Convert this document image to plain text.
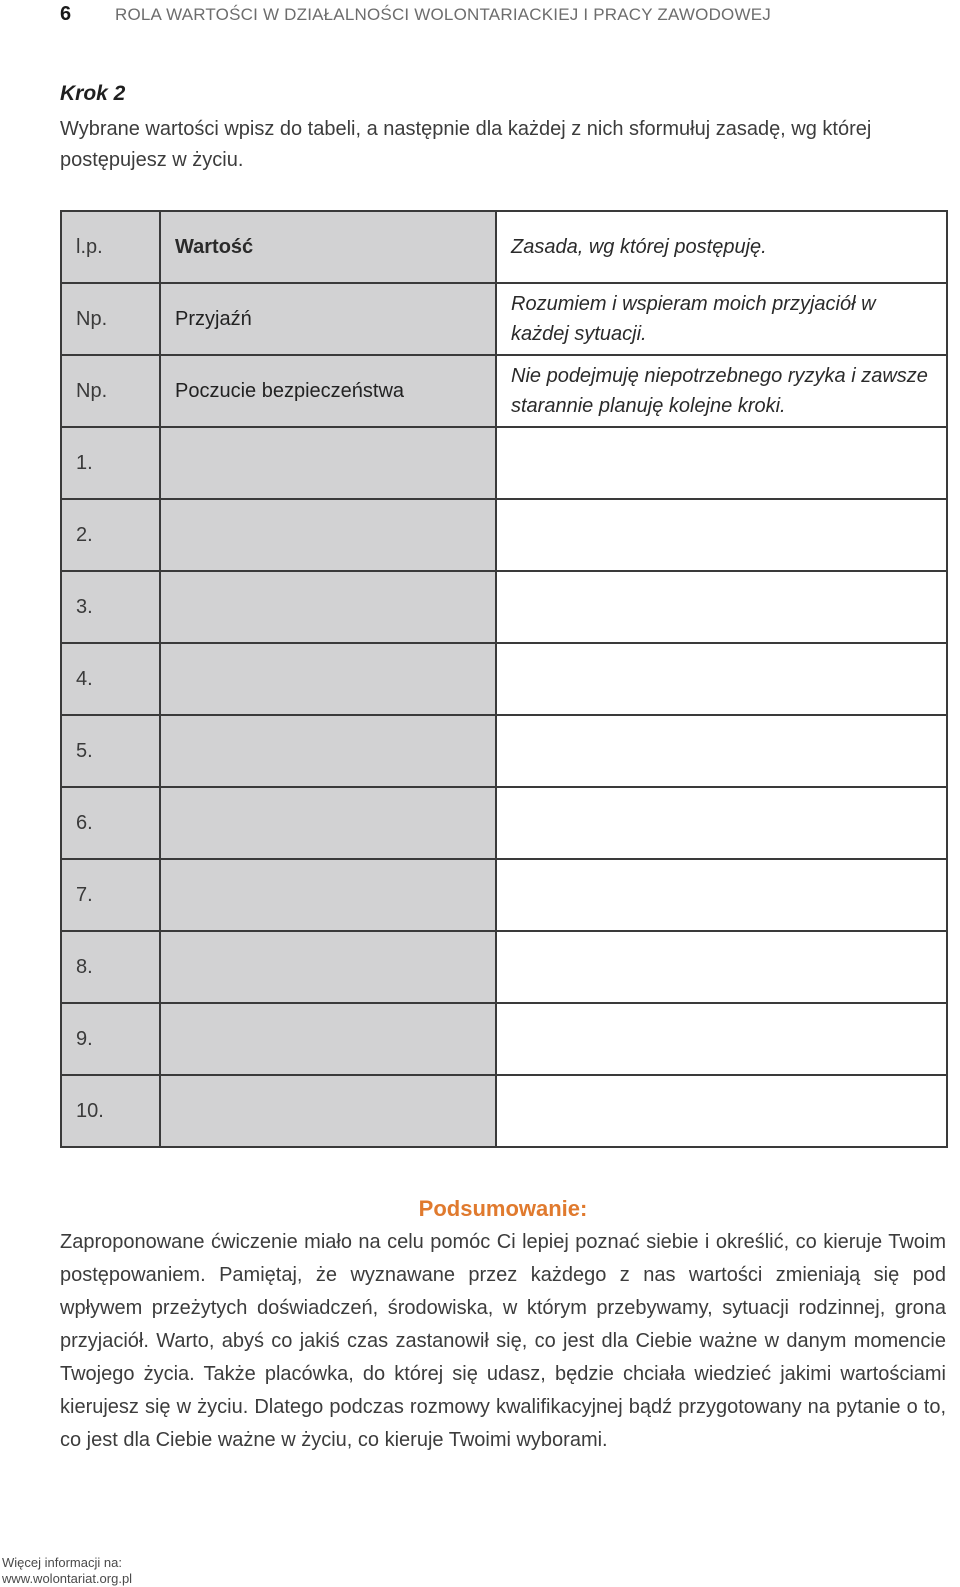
6	ROLA WARTOŚCI W DZIAŁALNOŚCI WOLONTARIACKIEJ I PRACY ZAWODOWEJ
Krok 2
Wybrane wartości wpisz do tabeli, a następnie dla każdej z nich sformułuj zasadę, wg której postępujesz w życiu.
l.p.	Wartość	Zasada, wg której postępuję.
Np.	Przyjaźń	Rozumiem i wspieram moich przyjaciół w każdej sytuacji.
Np.	Poczucie bezpieczeństwa	Nie podejmuję niepotrzebnego ryzyka i zawsze starannie planuję kolejne kroki.
1.		
2.		
3.		
4.		
5.		
6.		
7.		
8.		
9.		
10.		
Podsumowanie:

Zaproponowane ćwiczenie miało na celu pomóc Ci lepiej poznać siebie i określić, co kieruje Twoim postępowaniem. Pamiętaj, że wyznawane przez każdego z nas wartości zmieniają się pod wpływem przeżytych doświadczeń, środowiska, w którym przebywamy, sytuacji rodzinnej, grona przyjaciół. Warto, abyś co jakiś czas zastanowił się, co jest dla Ciebie ważne w danym momencie Twojego życia. Także placówka, do której się udasz, będzie chciała wiedzieć jakimi wartościami kierujesz się w życiu. Dlatego podczas rozmowy kwalifikacyjnej bądź przygotowany na pytanie o to, co jest dla Ciebie ważne w życiu, co kieruje Twoimi wyborami.

Więcej informacji na:
www.wolontariat.org.pl
